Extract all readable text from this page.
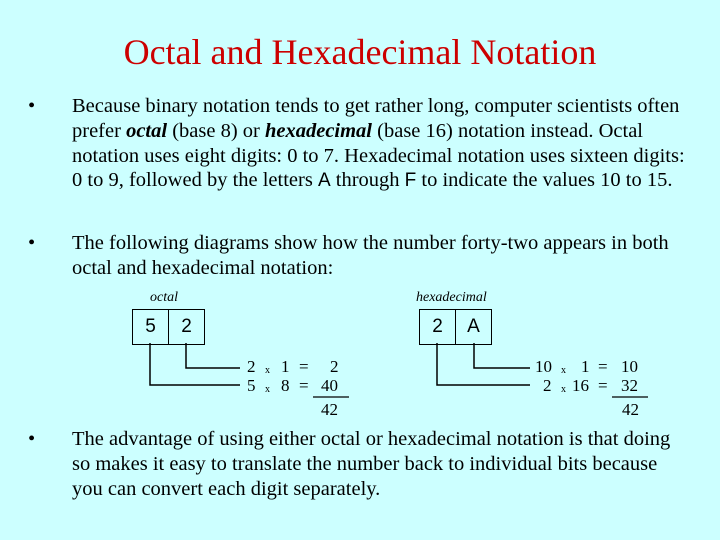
Octal and Hexadecimal Notation
• Because binary notation tends to get rather long, computer scientists often prefer octal (base 8) or hexadecimal (base 16) notation instead. Octal notation uses eight digits: 0 to 7. Hexadecimal notation uses sixteen digits: 0 to 9, followed by the letters A through F to indicate the values 10 to 15.
• The following diagrams show how the number forty-two appears in both octal and hexadecimal notation:
octal
5	2
2 x 1 = 2
5 x 8 = 40
42
hexadecimal
2	A
10 x 1 = 10
2 x 16 = 32
42
• The advantage of using either octal or hexadecimal notation is that doing so makes it easy to translate the number back to individual bits because you can convert each digit separately.
